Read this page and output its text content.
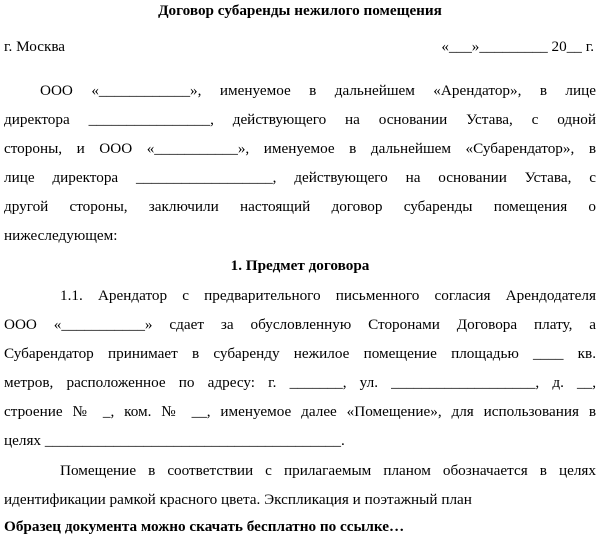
Договор субаренды нежилого помещения
г. Москва	«___»_________ 20__ г.
ООО «____________», именуемое в дальнейшем «Арендатор», в лице
директора ________________, действующего на основании Устава, с одной
стороны, и ООО «___________», именуемое в дальнейшем «Субарендатор», в
лице директора __________________, действующего на основании Устава, с
другой стороны, заключили настоящий договор субаренды помещения о
нижеследующем:
1. Предмет договора
1.1. Арендатор с предварительного письменного согласия Арендодателя
ООО «___________» сдает за обусловленную Сторонами Договора плату, а
Субарендатор принимает в субаренду нежилое помещение площадью ____ кв.
метров, расположенное по адресу: г. _______, ул. ___________________, д. __,
строение № _, ком. № __, именуемое далее «Помещение», для использования в
целях _______________________________________.
Помещение в соответствии с прилагаемым планом обозначается в целях
идентификации рамкой красного цвета. Экспликация и поэтажный план
Образец документа можно скачать бесплатно по ссылке…
